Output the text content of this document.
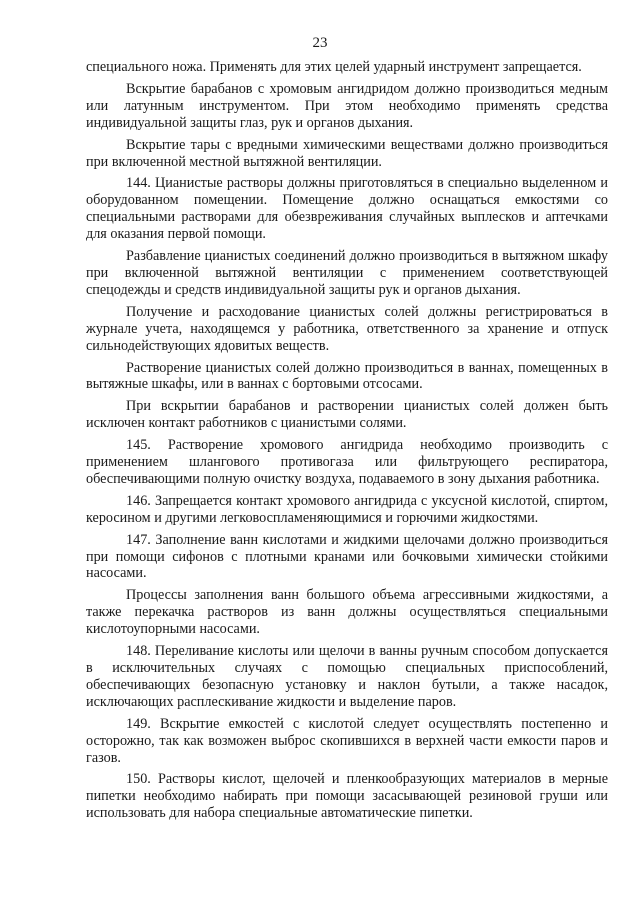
23

специального ножа. Применять для этих целей ударный инструмент запрещается.

Вскрытие барабанов с хромовым ангидридом должно производиться медным или латунным инструментом. При этом необходимо применять средства индивидуальной защиты глаз, рук и органов дыхания.

Вскрытие тары с вредными химическими веществами должно производиться при включенной местной вытяжной вентиляции.

144. Цианистые растворы должны приготовляться в специально выделенном и оборудованном помещении. Помещение должно оснащаться емкостями со специальными растворами для обезвреживания случайных выплесков и аптечками для оказания первой помощи.

Разбавление цианистых соединений должно производиться в вытяжном шкафу при включенной вытяжной вентиляции с применением соответствующей спецодежды и средств индивидуальной защиты рук и органов дыхания.

Получение и расходование цианистых солей должны регистрироваться в журнале учета, находящемся у работника, ответственного за хранение и отпуск сильнодействующих ядовитых веществ.

Растворение цианистых солей должно производиться в ваннах, помещенных в вытяжные шкафы, или в ваннах с бортовыми отсосами.

При вскрытии барабанов и растворении цианистых солей должен быть исключен контакт работников с цианистыми солями.

145. Растворение хромового ангидрида необходимо производить с применением шлангового противогаза или фильтрующего респиратора, обеспечивающими полную очистку воздуха, подаваемого в зону дыхания работника.

146. Запрещается контакт хромового ангидрида с уксусной кислотой, спиртом, керосином и другими легковоспламеняющимися и горючими жидкостями.

147. Заполнение ванн кислотами и жидкими щелочами должно производиться при помощи сифонов с плотными кранами или бочковыми химически стойкими насосами.

Процессы заполнения ванн большого объема агрессивными жидкостями, а также перекачка растворов из ванн должны осуществляться специальными кислотоупорными насосами.

148. Переливание кислоты или щелочи в ванны ручным способом допускается в исключительных случаях с помощью специальных приспособлений, обеспечивающих безопасную установку и наклон бутыли, а также насадок, исключающих расплескивание жидкости и выделение паров.

149. Вскрытие емкостей с кислотой следует осуществлять постепенно и осторожно, так как возможен выброс скопившихся в верхней части емкости паров и газов.

150. Растворы кислот, щелочей и пленкообразующих материалов в мерные пипетки необходимо набирать при помощи засасывающей резиновой груши или использовать для набора специальные автоматические пипетки.
